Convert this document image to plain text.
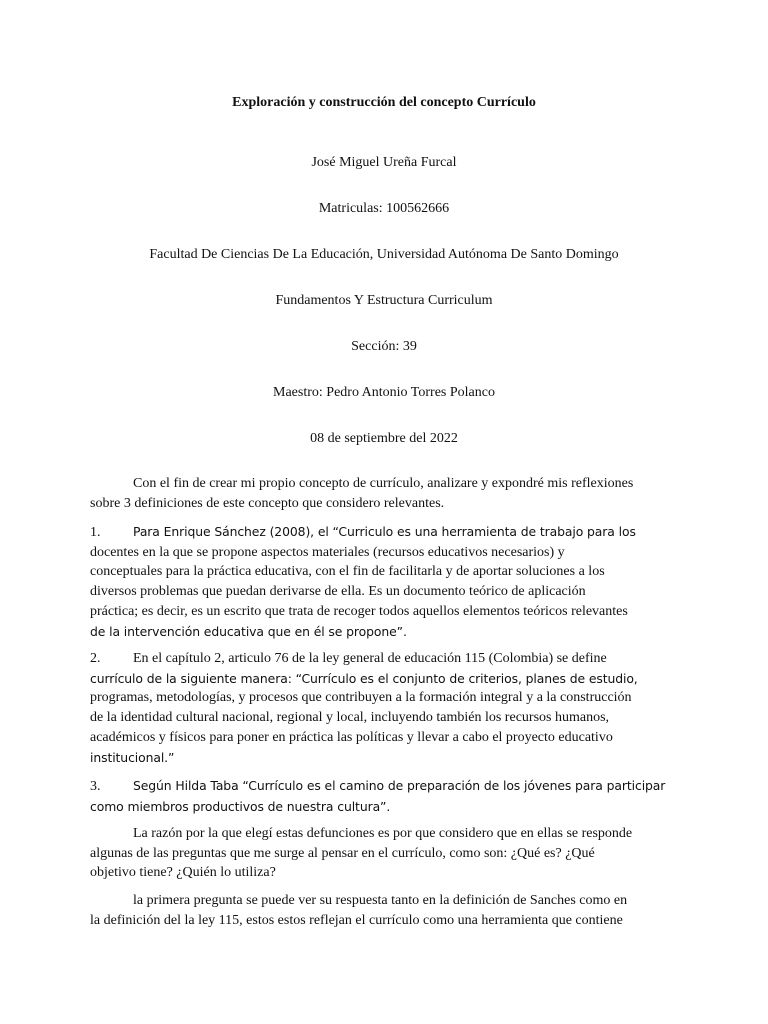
Exploración y construcción del concepto Currículo
José Miguel Ureña Furcal
Matriculas: 100562666
Facultad De Ciencias De La Educación, Universidad Autónoma De Santo Domingo
Fundamentos Y Estructura Curriculum
Sección: 39
Maestro: Pedro Antonio Torres Polanco
08 de septiembre del 2022
Con el fin de crear mi propio concepto de currículo, analizare y expondré mis reflexiones
sobre 3 definiciones de este concepto que considero relevantes.
1.	Para Enrique Sánchez (2008), el “Curriculo es una herramienta de trabajo para los
docentes en la que se propone aspectos materiales (recursos educativos necesarios) y
conceptuales para la práctica educativa, con el fin de facilitarla y de aportar soluciones a los
diversos problemas que puedan derivarse de ella. Es un documento teórico de aplicación
práctica; es decir, es un escrito que trata de recoger todos aquellos elementos teóricos relevantes
de la intervención educativa que en él se propone”.
2. En el capítulo 2, articulo 76 de la ley general de educación 115 (Colombia) se define
currículo de la siguiente manera: “Currículo es el conjunto de criterios, planes de estudio,
programas, metodologías, y procesos que contribuyen a la formación integral y a la construcción
de la identidad cultural nacional, regional y local, incluyendo también los recursos humanos,
académicos y físicos para poner en práctica las políticas y llevar a cabo el proyecto educativo
institucional.”
3.	Según Hilda Taba “Currículo es el camino de preparación de los jóvenes para participar
como miembros productivos de nuestra cultura”.
La razón por la que elegí estas defunciones es por que considero que en ellas se responde
algunas de las preguntas que me surge al pensar en el currículo, como son: ¿Qué es? ¿Qué
objetivo tiene? ¿Quién lo utiliza?
la primera pregunta se puede ver su respuesta tanto en la definición de Sanches como en
la definición del la ley 115, estos estos reflejan el currículo como una herramienta que contiene
